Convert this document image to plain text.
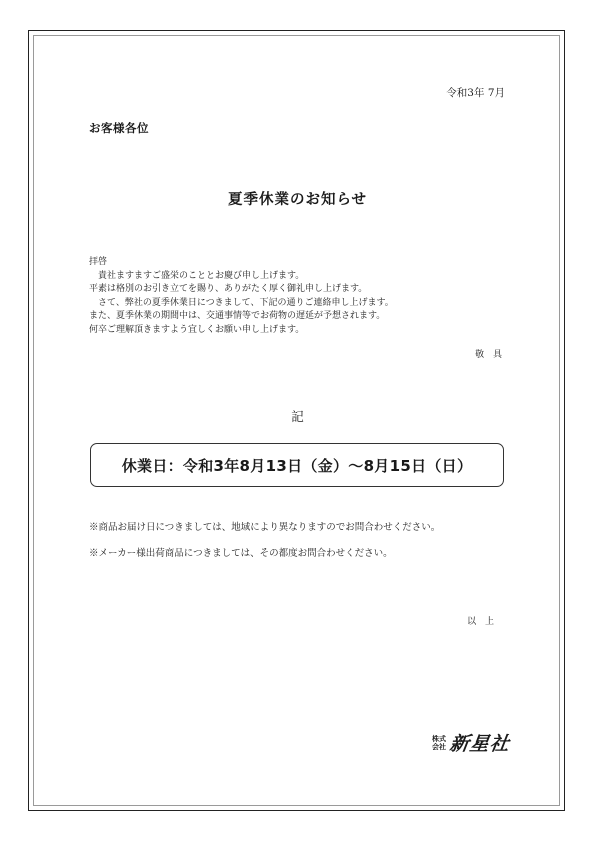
令和3年 7月
お客様各位
夏季休業のお知らせ
拝啓
　貴社ますますご盛栄のこととお慶び申し上げます。
平素は格別のお引き立てを賜り、ありがたく厚く御礼申し上げます。
　さて、弊社の夏季休業日につきまして、下記の通りご連絡申し上げます。
また、夏季休業の期間中は、交通事情等でお荷物の遅延が予想されます。
何卒ご理解頂きますよう宜しくお願い申し上げます。
敬 具
記
休業日：令和3年8月13日（金）～8月15日（日）
※商品お届け日につきましては、地域により異なりますのでお問合わせください。
※メーカー様出荷商品につきましては、その都度お問合わせください。
以 上
株式
会社 新星社
